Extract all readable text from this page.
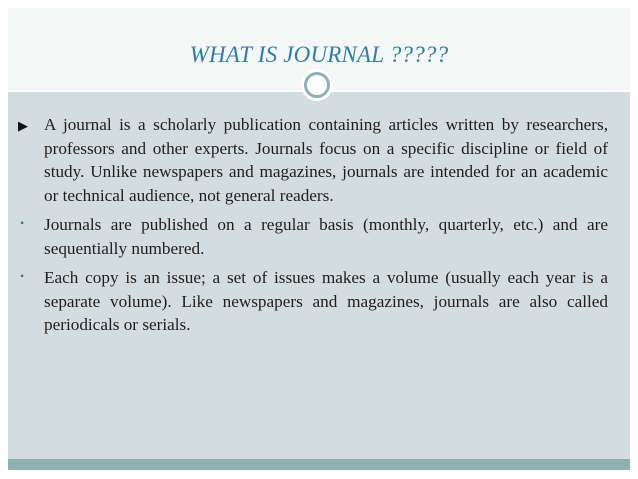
WHAT IS JOURNAL ?????
▶ A journal is a scholarly publication containing articles written by researchers, professors and other experts. Journals focus on a specific discipline or field of study. Unlike newspapers and magazines, journals are intended for an academic or technical audience, not general readers.
•	Journals are published on a regular basis (monthly, quarterly, etc.) and are sequentially numbered.
•	Each copy is an issue; a set of issues makes a volume (usually each year is a separate volume). Like newspapers and magazines, journals are also called periodicals or serials.
